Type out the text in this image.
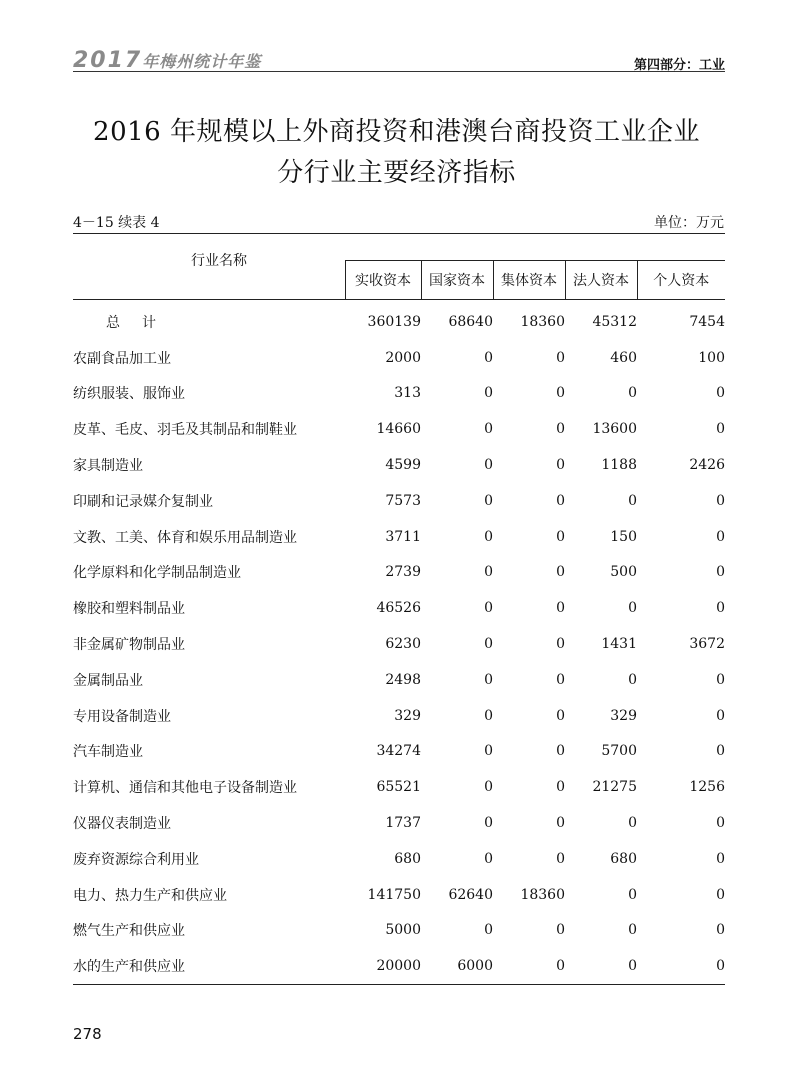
2017年梅州统计年鉴	第四部分：工业
2016 年规模以上外商投资和港澳台商投资工业企业
分行业主要经济指标
4－15 续表 4	单位：万元
行业名称					
	实收资本	国家资本	集体资本	法人资本	个人资本
总计	360139	68640	18360	45312	7454
农副食品加工业	2000	0	0	460	100
纺织服装、服饰业	313	0	0	0	0
皮革、毛皮、羽毛及其制品和制鞋业	14660	0	0	13600	0
家具制造业	4599	0	0	1188	2426
印刷和记录媒介复制业	7573	0	0	0	0
文教、工美、体育和娱乐用品制造业	3711	0	0	150	0
化学原料和化学制品制造业	2739	0	0	500	0
橡胶和塑料制品业	46526	0	0	0	0
非金属矿物制品业	6230	0	0	1431	3672
金属制品业	2498	0	0	0	0
专用设备制造业	329	0	0	329	0
汽车制造业	34274	0	0	5700	0
计算机、通信和其他电子设备制造业	65521	0	0	21275	1256
仪器仪表制造业	1737	0	0	0	0
废弃资源综合利用业	680	0	0	680	0
电力、热力生产和供应业	141750	62640	18360	0	0
燃气生产和供应业	5000	0	0	0	0
水的生产和供应业	20000	6000	0	0	0
278
